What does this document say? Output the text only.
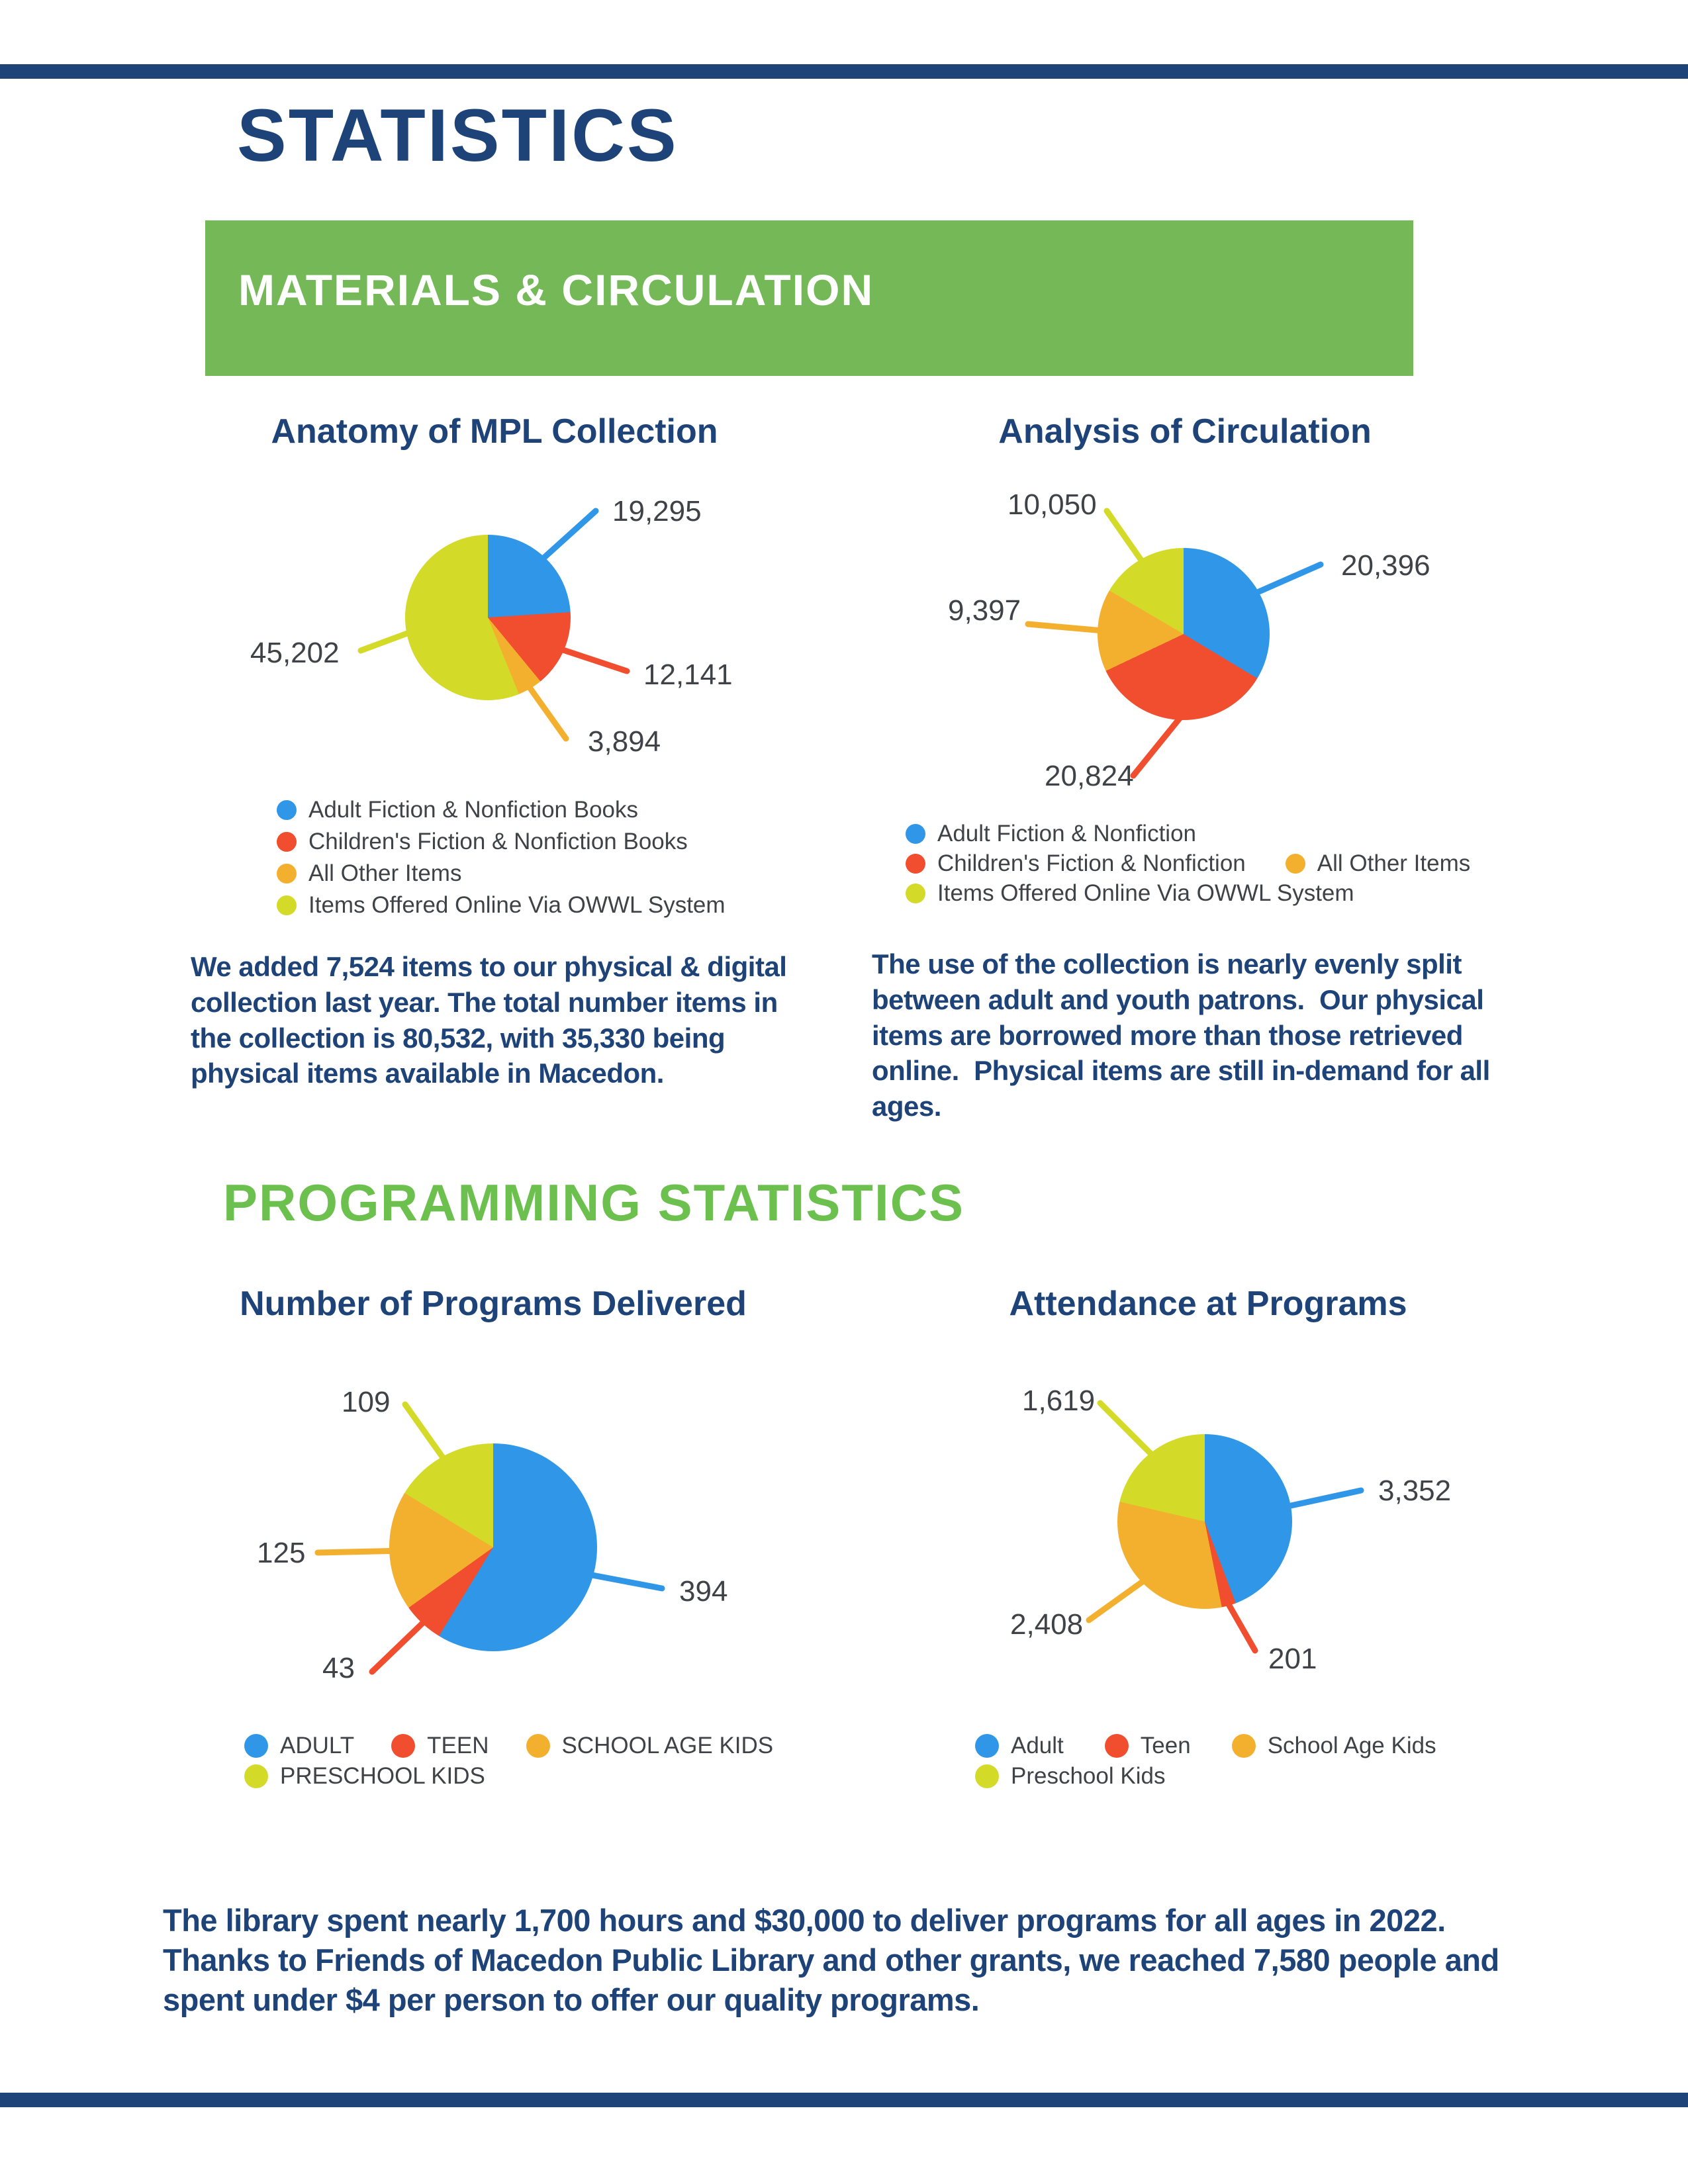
STATISTICS
MATERIALS & CIRCULATION
Anatomy of MPL Collection	Analysis of Circulation
Adult Fiction & Nonfiction Books
Children's Fiction & Nonfiction Books
All Other Items
Items Offered Online Via OWWL System
Adult Fiction & Nonfiction
Children's Fiction & Nonfiction	All Other Items
Items Offered Online Via OWWL System
ADULT	TEEN	SCHOOL AGE KIDS
PRESCHOOL KIDS
Adult	Teen	School Age Kids
Preschool Kids
We added 7,524 items to our physical & digital collection last year. The total number items in the collection is 80,532, with 35,330 being physical items available in Macedon.
The use of the collection is nearly evenly split between adult and youth patrons.  Our physical items are borrowed more than those retrieved online.  Physical items are still in-demand for all ages.
PROGRAMMING STATISTICS
Number of Programs Delivered	Attendance at Programs
The library spent nearly 1,700 hours and $30,000 to deliver programs for all ages in 2022. Thanks to Friends of Macedon Public Library and other grants, we reached 7,580 people and spent under $4 per person to offer our quality programs.
19,295
12,141
3,894
45,202
20,396
20,824
9,397
10,050
394
43
125
109
3,352
201
2,408
1,619
